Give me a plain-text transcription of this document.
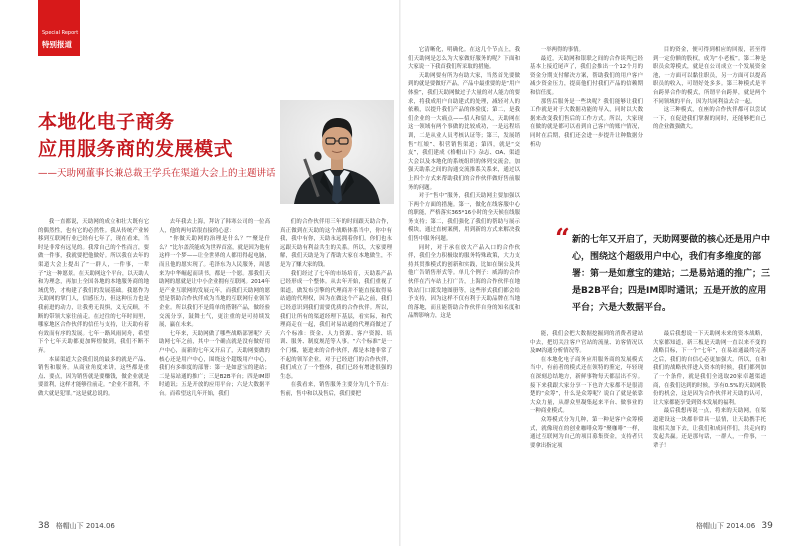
Special Report
特别报道
本地化电子商务
应用服务商的发展模式
——天助网董事长兼总裁王学兵在渠道大会上的主题讲话

我一直都说，天助网的成立和壮大既有它的偶然性，也有它的必然性。我从传统产业转移到互联网行业已经有七年了，现在看来，当时是非常有远见的。我常自己的个性而言，要做一件事，我就要把他做好。所以我在去年的渠道大会上提出了“一群人，一件事，一辈子”这一种愿景。在天助网这个平台，以天助人和为理念，再加上全国各地的本地服务商的地域优势，才构建了我们的发展基础。我愿作为天助网的掌门人，信感压力，但这种压力也是我前进的动力，让我勇无畏惧，义无反顾，不断的带领大家往前走。在过往的七年时间里，哪家地区合作伙伴的信任与支持，让天助有着有效而有序的发展。七年一路风雨同舟，希望下个七年天助都更加辉煌做到，我们不断不弃。

本届渠道大会我们说的最多的就是产品、销售和服务。从商业角度来讲，这些都是重点、要点，因为销售就是要赚钱，做企业就是要盈利，这样才能够往前走。“企业不盈利，不做大就是犯罪。”这是就总说的。

去年我去上海，拜访了韩寒公司的一位高人，他的两句话很直接的心意：

“你做天助网的治理是什么？”“聚是什么？”比尔盖茨能成为世界首富，就是因为他有这样一个梦——让全世界的人都用得起电脑，而且他的愿实现了。毛泽东为人民服务，周恩来为中华崛起而读书，都是一个愿。那我们天助网的愿就是让中小企业拥有互联网。2014年是产业互联网的发展元年，而我们天助网的愿望是帮助合作伙伴成为当地的互联网行业领军企业。所以我们不是简单的搭钢产品，做经验交流分享，鼓舞士气，更注重的是可持续发展，赢在未来。

七年来，天助网做了哪些战略部署呢？天助网七年之前，其中一个确点就是没有做好用户中心，而新的七年又开启了，天助网要做的核心还是用户中心，围绕这个超级用户中心，我们有多维度的部署：第一是如意宝的建站；二是易站通的推广；三是B2B平台；四是IM即时通讯；五是开放的应用平台；六是大数据平台。而希望这几年开始，我们

们的合作伙伴用三年的时间跟天助合作，真正做到在天助的这个战略体系当中，你中有我，我中有你，天助永远拥着你们，你们也永远跟天助有利益共生的关系。所以，大家要理解，我们天助是为了帮助大家在本地做生，不是为了赚大家的钱。

我们经过了七年的市场培育，天助系产品已经形成一个整体。从去年开始，我们重视了渠道，做发布引擎的代理商并不能直接取得易站通的代理权，因为在做这个产品之前，我们已经意识到我们需要优质的合作伙伴。所以，我们让所有的渠道经理下基层，看实际，和代理商走在一起，我们对易站通的代理商做过了六个标准：资金、人力资源、客户资源、培训、服务、制度规范等人事。“六个标准”是一个门槛，能进来的合作伙伴，都是本地非常了不起的领军企业。对于已经进门的合作伙伴，我们成立了一个整体，我们已经有增进很强的生态。

在我看来，销售服务主要分为几个节点：售前，售中和以及售后，我们要把

它清晰化，明确化。在这几个节点上，我们天助网是怎么为大家做好服务的呢？下面和大家说一下我首我们所采取的措施。

天助网要有所为有助大家，当然首先要做到的就是要做好产品，产品中最重要的是“用户体验”，我们天助网做过子大量的对人能力的要求，将我成用户自助建式的处理，减轻对人的依赖，以提升我们产品的体验度；第二，是我们企业的一大痛点——招人和留人，天助网在这一领域有两个事做的比较成功，一是远程培训，二是从业人员考核认证等；第三，发展销售“红娘”、积营销售渠道；第四，就是“交友”，我们建成《格帽山下》杂志、OA、渠道大会以及本地化的系统组织的体列交流会，加强天助系之间的沟通交流推系关系来，通过以上四个方式来帮助我们的合作伙伴做好售前服务的问题。

对于“售中”服务，我们天助网主要加强以下两个方面的措施。第一，做化在线客服中心的职能，严格落实365*16小时的全天候在线服务支持；第二，我们强化了我们的帮助与展示模块，通过直树案例，用到新的方式来解决我们售中服务问题。

同时，对于承在放大产品入口的合作伙伴，我们全力积极取的服务特殊政策，大力支持其贯推模式的创新和实践，比如在铜公及其他广告销售形式等。单几个例子：威海的合作伙伴在汽车站上打广告，上海的合作伙伴在地铁站门口派发地图册等，这些形式我们都会给予支持，因为这样不仅有利于天助品牌在当地的落地，而且能帮助合作伙伴自身的知名度和品牌影响力，这是

一举两得的事情。

最近，天助网和银联之间的合作谈判已经基本上接近尾声了，我们会推出一个12个月的资金分期支付解决方案，帮助我们的用户客户减少资金压力，提高他们付我们产品的信赖期和信任度。

那售后服务是一些块呢？我们能够让我们工作就是对于大数据功能的导入，同时以大数据来改变我们售后的工作方式。所以，大家现在做的就是都可以看到自己客户的账户情况，同时在后期，我们还会进一步提升让种数据分析功

目的资金，便可得到相应的回报，甚至得到一定份额的股权，成为“小老板”。第二种是职员众筹模式，就是在公司成立一个发展资金池，一方面可以黏住职员，另一方面可以提高职员的收入，可谓好处多多。第三种模式是平台跨界合作的模式，所谓平台跨界，就是两个不同领域的平台，因为共同利益去合一起。

这三种模式，在座的合作伙伴都可以尝试一下，在促进我们掌握的同时，还能够把自己的企业做强做大。

“ 新的七年又开启了，天助网要做的核心还是用户中心，围绕这个超级用户中心，我们有多维度的部署：第一是如意宝的建站；二是易站通的推广；三是B2B平台；四是IM即时通讯；五是开放的应用平台；六是大数据平台。

能，我们会把大数据挖掘到的消费者建站中去，把切关注客户官站的流量、访客情况以及IM沟通分析情况等。

在本地化电子商务应用服务商的发展模式当中，有前者的模式还在领特的鉴定，年轻现在深刻总结地方，新鲜事物每天都层出不穷。接下来我跟大家分享一下也许大家都不是很清楚的“众筹”，什么是众筹呢？说白了就是依靠大众力量，从群众里凝集起来平台、做事业的一种商业模式。

众筹模式分为几种，第一种是客户众筹模式，就像现在的创业咖啡众筹“聚咖啡”一样，通过互联网为自己的项目募集资金，支持者只要拿出指定项

最后我想说一下天助网未来的资本战略，大家都知道，新三板是天助网一直以来不变的战略目标，下一个“七年”，在易站通最终完善之后，我们的自信心必更加强大。所以，在和我们的战略伙伴进入资本的时候，我们都列加了一个条件，就是我们全选取20家卓越渠道商，在我们达到的时候，享有0.5%的天助网股份的机会，这是因为合作伙伴对天助的认可，让大家都能享受到资本发展的福利。

最后我想再说一点，将来的天助网，在渠道建设这一块都非常具一层情，让天助携手托取相关加下去，让我们和成同伴们，共走向的发起共赢。还是那句话，一群人，一件事，一辈子！

38 格帽山下 2014.06	格帽山下 2014.06 39
